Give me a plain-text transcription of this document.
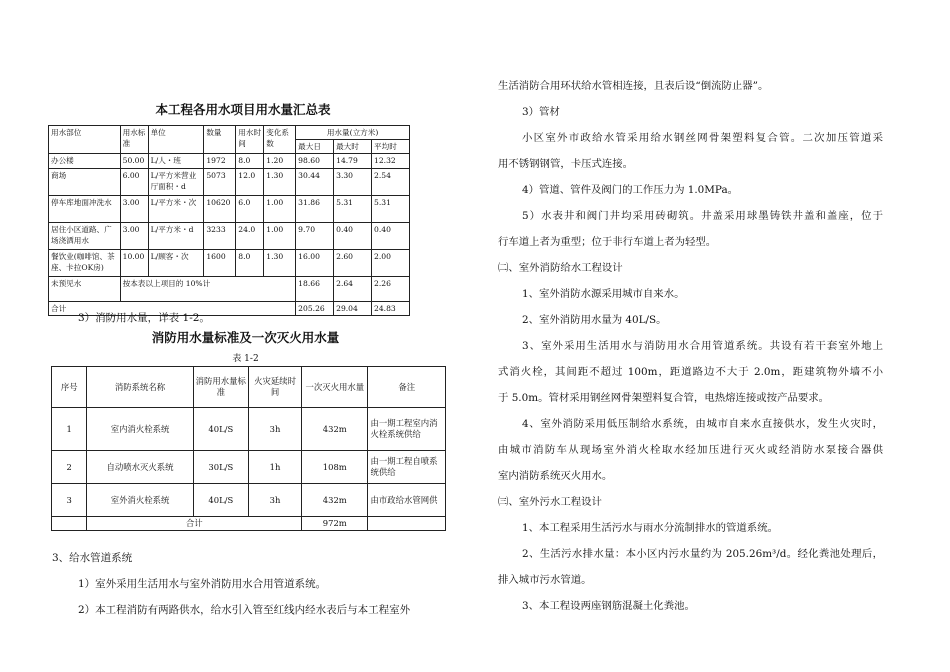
本工程各用水项目用水量汇总表
用水部位	用水标准	单位	数量	用水时间	变化系数	用水量(立方米)		
						最大日	最大时	平均时
办公楼	50.00	L/人・班	1972	8.0	1.20	98.60	14.79	12.32
商场	6.00	L/平方米营业厅面积・d	5073	12.0	1.30	30.44	3.30	2.54
停车库地面冲洗水	3.00	L/平方米・次	10620	6.0	1.00	31.86	5.31	5.31
居住小区道路、广场浇洒用水	3.00	L/平方米・d	3233	24.0	1.00	9.70	0.40	0.40
餐饮业(咖啡馆、茶座、卡拉OK房)	10.00	L/顾客・次	1600	8.0	1.30	16.00	2.60	2.00
未预见水	按本表以上项目的 10%计					18.66	2.64	2.26
合计						205.26	29.04	24.83
3）消防用水量，详表 1-2。
消防用水量标准及一次灭火用水量
表 1-2
序号	消防系统名称	消防用水量标准	火灾延续时间	一次灭火用水量	备注
1	室内消火栓系统	40L/S	3h	432m	由一期工程室内消火栓系统供给
2	自动喷水灭火系统	30L/S	1h	108m	由一期工程自喷系统供给
3	室外消火栓系统	40L/S	3h	432m	由市政给水管网供
	合计			972m	
3、给水管道系统
1）室外采用生活用水与室外消防用水合用管道系统。
2）本工程消防有两路供水，给水引入管至红线内经水表后与本工程室外
生活消防合用环状给水管相连接，且表后设“倒流防止器”。
3）管材
小区室外市政给水管采用给水钢丝网骨架塑料复合管。二次加压管道采
用不锈钢钢管，卡压式连接。
4）管道、管件及阀门的工作压力为 1.0MPa。
5）水表井和阀门井均采用砖砌筑。井盖采用球墨铸铁井盖和盖座，位于
行车道上者为重型；位于非行车道上者为轻型。
㈡、室外消防给水工程设计
1、室外消防水源采用城市自来水。
2、室外消防用水量为 40L/S。
3、室外采用生活用水与消防用水合用管道系统。共设有若干套室外地上
式消火栓，其间距不超过 100m，距道路边不大于 2.0m，距建筑物外墙不小
于 5.0m。管材采用钢丝网骨架塑料复合管，电热熔连接或按产品要求。
4、室外消防采用低压制给水系统，由城市自来水直接供水，发生火灾时，
由城市消防车从现场室外消火栓取水经加压进行灭火或经消防水泵接合器供
室内消防系统灭火用水。
㈢、室外污水工程设计
1、本工程采用生活污水与雨水分流制排水的管道系统。
2、生活污水排水量：本小区内污水量约为 205.26m³/d。经化粪池处理后，
排入城市污水管道。
3、本工程设两座钢筋混凝土化粪池。
